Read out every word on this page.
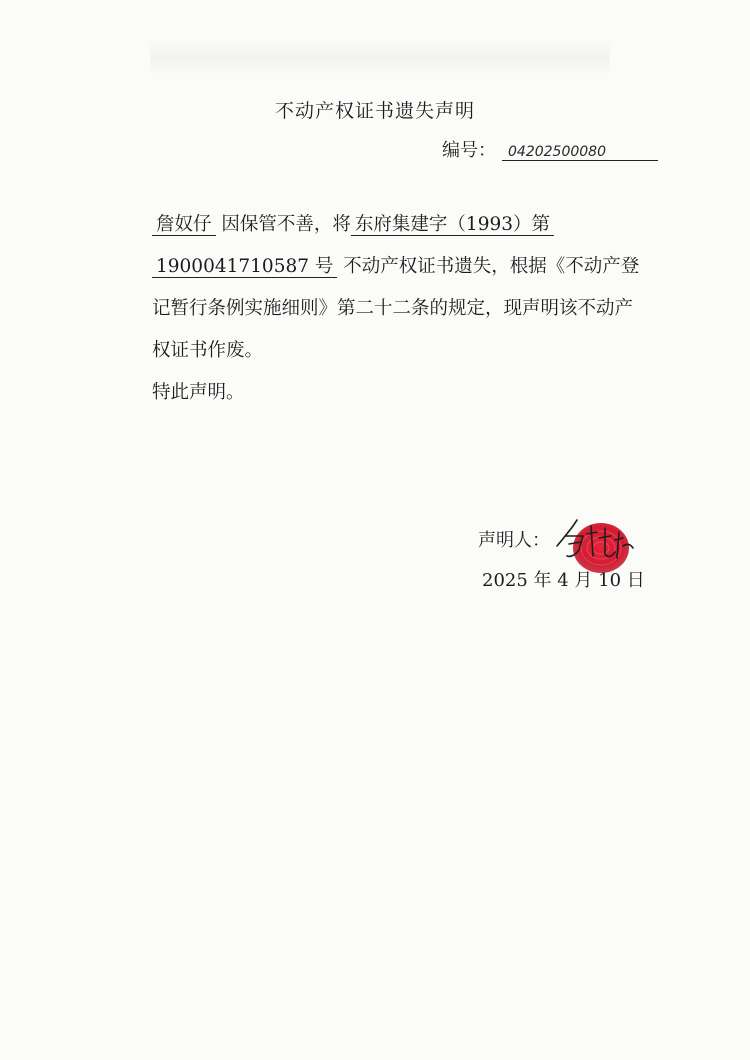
不动产权证书遗失声明
编号： 04202500080

詹奴仔 因保管不善，将 东府集建字（1993）第
1900041710587 号 不动产权证书遗失，根据《不动产登记暂行条例实施细则》第二十二条的规定，现声明该不动产权证书作废。

特此声明。

声明人：
2025 年 4 月 10 日
